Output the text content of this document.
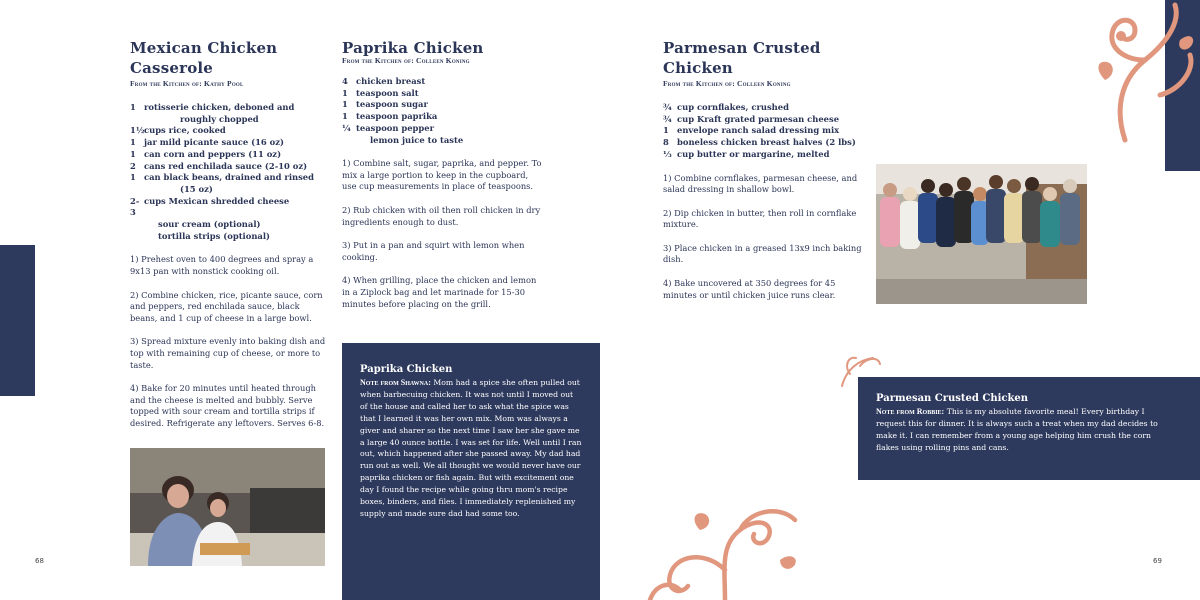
Mexican Chicken Casserole
From the Kitchen of: Kathy Pool
1 rotisserie chicken, deboned and
roughly chopped
1½ cups rice, cooked
1 jar mild picante sauce (16 oz)
1 can corn and peppers (11 oz)
2 cans red enchilada sauce (2-10 oz)
1 can black beans, drained and rinsed
(15 oz)
2-3
cups Mexican shredded cheese
sour cream (optional)
tortilla strips (optional)

1) Prehest oven to 400 degrees and spray a 9x13 pan with nonstick cooking oil.

2) Combine chicken, rice, picante sauce, corn and peppers, red enchilada sauce, black beans, and 1 cup of cheese in a large bowl.

3) Spread mixture evenly into baking dish and top with remaining cup of cheese, or more to taste.

4) Bake for 20 minutes until heated through and the cheese is melted and bubbly. Serve topped with sour cream and tortilla strips if desired. Refrigerate any leftovers. Serves 6-8.

68
Paprika Chicken
From the Kitchen of: Colleen Koning
4 chicken breast
1 teaspoon salt
1 teaspoon sugar
1 teaspoon paprika
¼ teaspoon pepper
lemon juice to taste

1) Combine salt, sugar, paprika, and pepper. To mix a large portion to keep in the cupboard, use cup measurements in place of teaspoons.

2) Rub chicken with oil then roll chicken in dry ingredients enough to dust.

3) Put in a pan and squirt with lemon when cooking.

4) When grilling, place the chicken and lemon in a Ziplock bag and let marinade for 15-30 minutes before placing on the grill.

Paprika Chicken
Note from Shawna: Mom had a spice she often pulled out when barbecuing chicken. It was not until I moved out of the house and called her to ask what the spice was that I learned it was her own mix. Mom was always a giver and sharer so the next time I saw her she gave me a large 40 ounce bottle. I was set for life. Well until I ran out, which happened after she passed away. My dad had run out as well. We all thought we would never have our paprika chicken or fish again. But with excitement one day I found the recipe while going thru mom's recipe boxes, binders, and files. I immediately replenished my supply and made sure dad had some too.
Parmesan Crusted Chicken
From the Kitchen of: Colleen Koning
¾ cup cornflakes, crushed
¾ cup Kraft grated parmesan cheese
1 envelope ranch salad dressing mix
8 boneless chicken breast halves (2 lbs)
⅓ cup butter or margarine, melted

1) Combine cornflakes, parmesan cheese, and salad dressing in shallow bowl.

2) Dip chicken in butter, then roll in cornflake mixture.

3) Place chicken in a greased 13x9 inch baking dish.

4) Bake uncovered at 350 degrees for 45 minutes or until chicken juice runs clear.

Parmesan Crusted Chicken
Note from Robbie: This is my absolute favorite meal! Every birthday I request this for dinner. It is always such a treat when my dad decides to make it. I can remember from a young age helping him crush the corn flakes using rolling pins and cans.
69
